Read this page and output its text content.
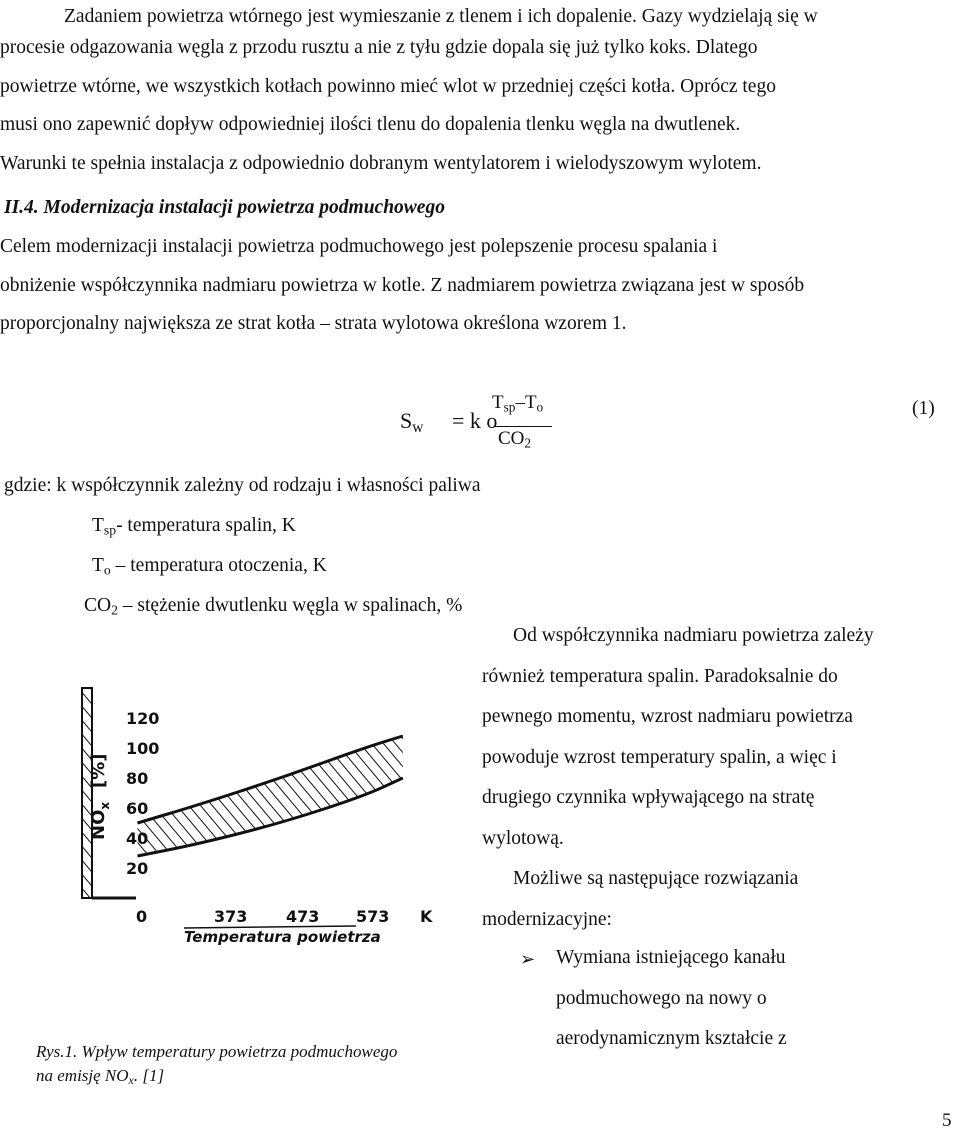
Zadaniem powietrza wtórnego jest wymieszanie z tlenem i ich dopalenie. Gazy wydzielają się w
procesie odgazowania węgla z przodu rusztu a nie z tyłu gdzie dopala się już tylko koks. Dlatego
powietrze wtórne, we wszystkich kotłach powinno mieć wlot w przedniej części kotła. Oprócz tego
musi ono zapewnić dopływ odpowiedniej ilości tlenu do dopalenia tlenku węgla na dwutlenek.
Warunki te spełnia instalacja z odpowiednio dobranym wentylatorem i wielodyszowym wylotem.
II.4. Modernizacja instalacji powietrza podmuchowego
Celem modernizacji instalacji powietrza podmuchowego jest polepszenie procesu spalania i
obniżenie współczynnika nadmiaru powietrza w kotle. Z nadmiarem powietrza związana jest w sposób
proporcjonalny największa ze strat kotła – strata wylotowa określona wzorem 1.
$S_w = k$ o
$T_{sp}-T_o$
$CO_2$
(1)
gdzie: k współczynnik zależny od rodzaju i własności paliwa
$T_{sp}-$ temperatura spalin, K
$T_o$ – temperatura otoczenia, K
$CO_2$ – stężenie dwutlenku węgla w spalinach, %
Od współczynnika nadmiaru powietrza zależy
również temperatura spalin. Paradoksalnie do
pewnego momentu, wzrost nadmiaru powietrza
powoduje wzrost temperatury spalin, a więc i
drugiego czynnika wpływającego na stratę
wylotową.
Możliwe są następujące rozwiązania
modernizacyjne:
➢	Wymiana istniejącego kanału
podmuchowego na nowy o
aerodynamicznym kształcie z
120
100
80
60
40
20
0	373 473 573 K
$NO_x$
[%]
Temperatura powietrza
Rys.1. Wpływ temperatury powietrza podmuchowego
na emisję $NO_x$. [1]
5
